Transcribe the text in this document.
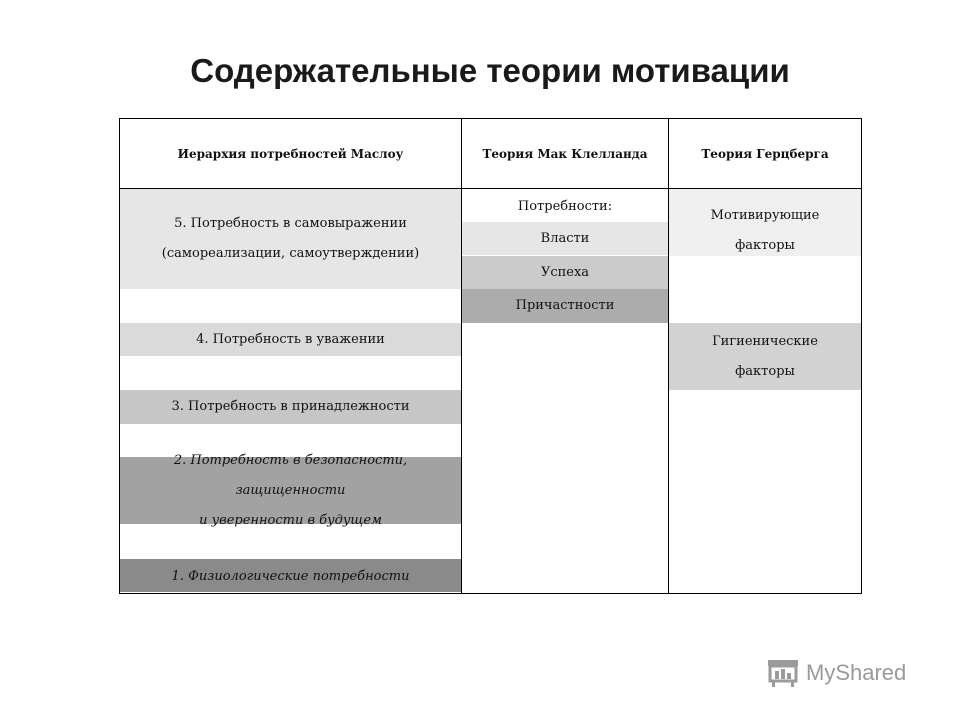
Содержательные теории мотивации
Иерархия потребностей Маслоу	Теория Мак Клелланда	Теория Герцберга
5. Потребность в самовыражении
(самореализации, самоутверждении)
4. Потребность в уважении
3. Потребность в принадлежности
2. Потребность в безопасности, защищенности
и уверенности в будущем
1. Физиологические потребности
Потребности:
Власти
Успеха
Причастности
Мотивирующие
факторы
Гигиенические
факторы
MyShared
